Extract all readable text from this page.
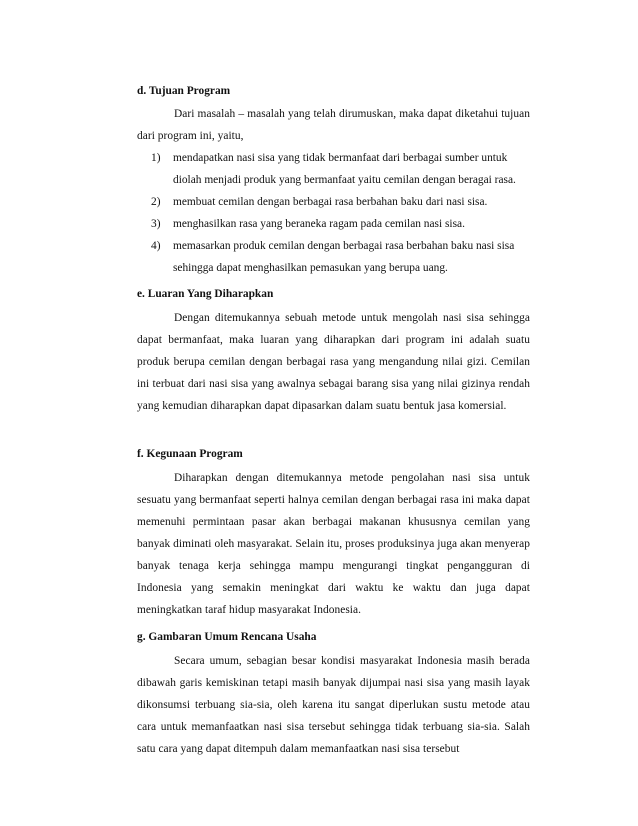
d. Tujuan Program

Dari masalah – masalah yang telah dirumuskan, maka dapat diketahui tujuan dari program ini, yaitu,

1) mendapatkan nasi sisa yang tidak bermanfaat dari berbagai sumber untuk diolah menjadi produk yang bermanfaat yaitu cemilan dengan beragai rasa.
2) membuat cemilan dengan berbagai rasa berbahan baku dari nasi sisa.
3) menghasilkan rasa yang beraneka ragam pada cemilan nasi sisa.
4) memasarkan produk cemilan dengan berbagai rasa berbahan baku nasi sisa sehingga dapat menghasilkan pemasukan yang berupa uang.
e. Luaran Yang Diharapkan

Dengan ditemukannya sebuah metode untuk mengolah nasi sisa sehingga dapat bermanfaat, maka luaran yang diharapkan dari program ini adalah suatu produk berupa cemilan dengan berbagai rasa yang mengandung nilai gizi. Cemilan ini terbuat dari nasi sisa yang awalnya sebagai barang sisa yang nilai gizinya rendah yang kemudian diharapkan dapat dipasarkan dalam suatu bentuk jasa komersial.

f. Kegunaan Program

Diharapkan dengan ditemukannya metode pengolahan nasi sisa untuk sesuatu yang bermanfaat seperti halnya cemilan dengan berbagai rasa ini maka dapat memenuhi permintaan pasar akan berbagai makanan khususnya cemilan yang banyak diminati oleh masyarakat. Selain itu, proses produksinya juga akan menyerap banyak tenaga kerja sehingga mampu mengurangi tingkat pengangguran di Indonesia yang semakin meningkat dari waktu ke waktu dan juga dapat meningkatkan taraf hidup masyarakat Indonesia.

g. Gambaran Umum Rencana Usaha

Secara umum, sebagian besar kondisi masyarakat Indonesia masih berada dibawah garis kemiskinan tetapi masih banyak dijumpai nasi sisa yang masih layak dikonsumsi terbuang sia-sia, oleh karena itu sangat diperlukan sustu metode atau cara untuk memanfaatkan nasi sisa tersebut sehingga tidak terbuang sia-sia. Salah satu cara yang dapat ditempuh dalam memanfaatkan nasi sisa tersebut
